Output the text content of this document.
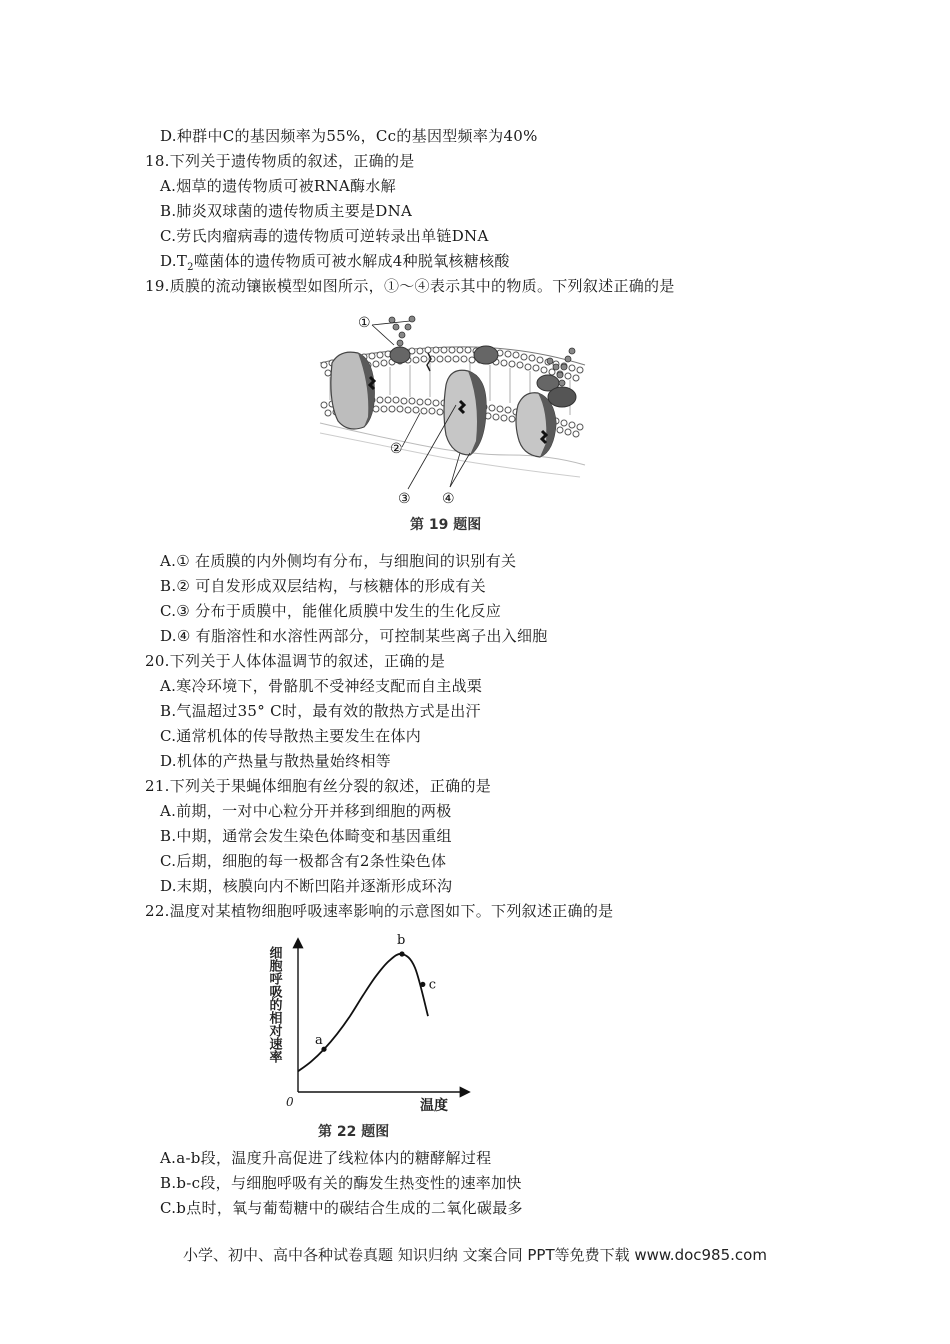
D.种群中C的基因频率为55%，Cc的基因型频率为40%
18.下列关于遗传物质的叙述，正确的是
A.烟草的遗传物质可被RNA酶水解
B.肺炎双球菌的遗传物质主要是DNA
C.劳氏肉瘤病毒的遗传物质可逆转录出单链DNA
$D.T_2$噬菌体的遗传物质可被水解成4种脱氧核糖核酸
19.质膜的流动镶嵌模型如图所示，①～④表示其中的物质。下列叙述正确的是
①
②
③ ④
第 19 题图
A.① 在质膜的内外侧均有分布，与细胞间的识别有关
B.② 可自发形成双层结构，与核糖体的形成有关
C.③ 分布于质膜中，能催化质膜中发生的生化反应
D.④ 有脂溶性和水溶性两部分，可控制某些离子出入细胞
20.下列关于人体体温调节的叙述，正确的是
A.寒冷环境下，骨骼肌不受神经支配而自主战栗
B.气温超过35° C时，最有效的散热方式是出汗
C.通常机体的传导散热主要发生在体内
D.机体的产热量与散热量始终相等
21.下列关于果蝇体细胞有丝分裂的叙述，正确的是
A.前期，一对中心粒分开并移到细胞的两极
B.中期，通常会发生染色体畸变和基因重组
C.后期，细胞的每一极都含有2条性染色体
D.末期，核膜向内不断凹陷并逐渐形成环沟
22.温度对某植物细胞呼吸速率影响的示意图如下。下列叙述正确的是
细胞呼吸的相对速率
0	温度
a
b
c
第 22 题图
A.a-b段，温度升高促进了线粒体内的糖酵解过程
B.b-c段，与细胞呼吸有关的酶发生热变性的速率加快
C.b点时，氧与葡萄糖中的碳结合生成的二氧化碳最多
小学、初中、高中各种试卷真题 知识归纳 文案合同 PPT等免费下载 www.doc985.com
